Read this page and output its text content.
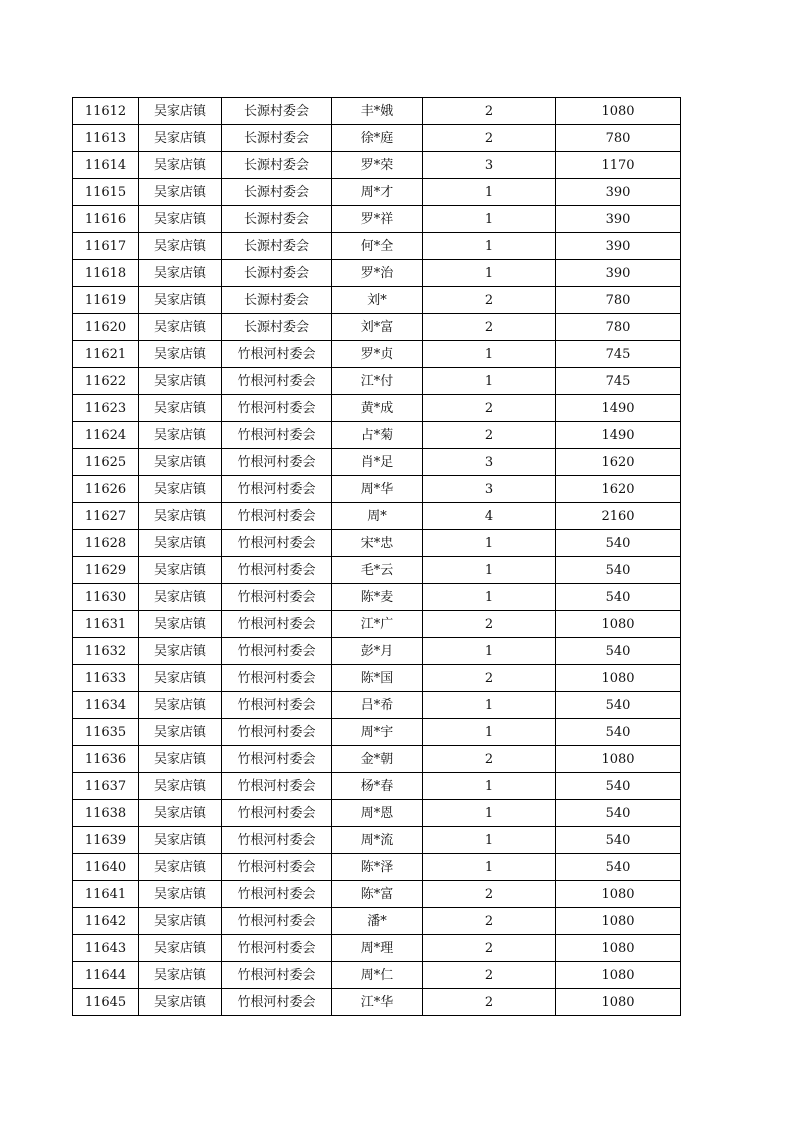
11612	吴家店镇	长源村委会	丰*娥	2	1080
11613	吴家店镇	长源村委会	徐*庭	2	780
11614	吴家店镇	长源村委会	罗*荣	3	1170
11615	吴家店镇	长源村委会	周*才	1	390
11616	吴家店镇	长源村委会	罗*祥	1	390
11617	吴家店镇	长源村委会	何*全	1	390
11618	吴家店镇	长源村委会	罗*治	1	390
11619	吴家店镇	长源村委会	刘*	2	780
11620	吴家店镇	长源村委会	刘*富	2	780
11621	吴家店镇	竹根河村委会	罗*贞	1	745
11622	吴家店镇	竹根河村委会	江*付	1	745
11623	吴家店镇	竹根河村委会	黄*成	2	1490
11624	吴家店镇	竹根河村委会	占*菊	2	1490
11625	吴家店镇	竹根河村委会	肖*足	3	1620
11626	吴家店镇	竹根河村委会	周*华	3	1620
11627	吴家店镇	竹根河村委会	周*	4	2160
11628	吴家店镇	竹根河村委会	宋*忠	1	540
11629	吴家店镇	竹根河村委会	毛*云	1	540
11630	吴家店镇	竹根河村委会	陈*麦	1	540
11631	吴家店镇	竹根河村委会	江*广	2	1080
11632	吴家店镇	竹根河村委会	彭*月	1	540
11633	吴家店镇	竹根河村委会	陈*国	2	1080
11634	吴家店镇	竹根河村委会	吕*希	1	540
11635	吴家店镇	竹根河村委会	周*宇	1	540
11636	吴家店镇	竹根河村委会	金*朝	2	1080
11637	吴家店镇	竹根河村委会	杨*春	1	540
11638	吴家店镇	竹根河村委会	周*恩	1	540
11639	吴家店镇	竹根河村委会	周*流	1	540
11640	吴家店镇	竹根河村委会	陈*泽	1	540
11641	吴家店镇	竹根河村委会	陈*富	2	1080
11642	吴家店镇	竹根河村委会	潘*	2	1080
11643	吴家店镇	竹根河村委会	周*理	2	1080
11644	吴家店镇	竹根河村委会	周*仁	2	1080
11645	吴家店镇	竹根河村委会	江*华	2	1080
